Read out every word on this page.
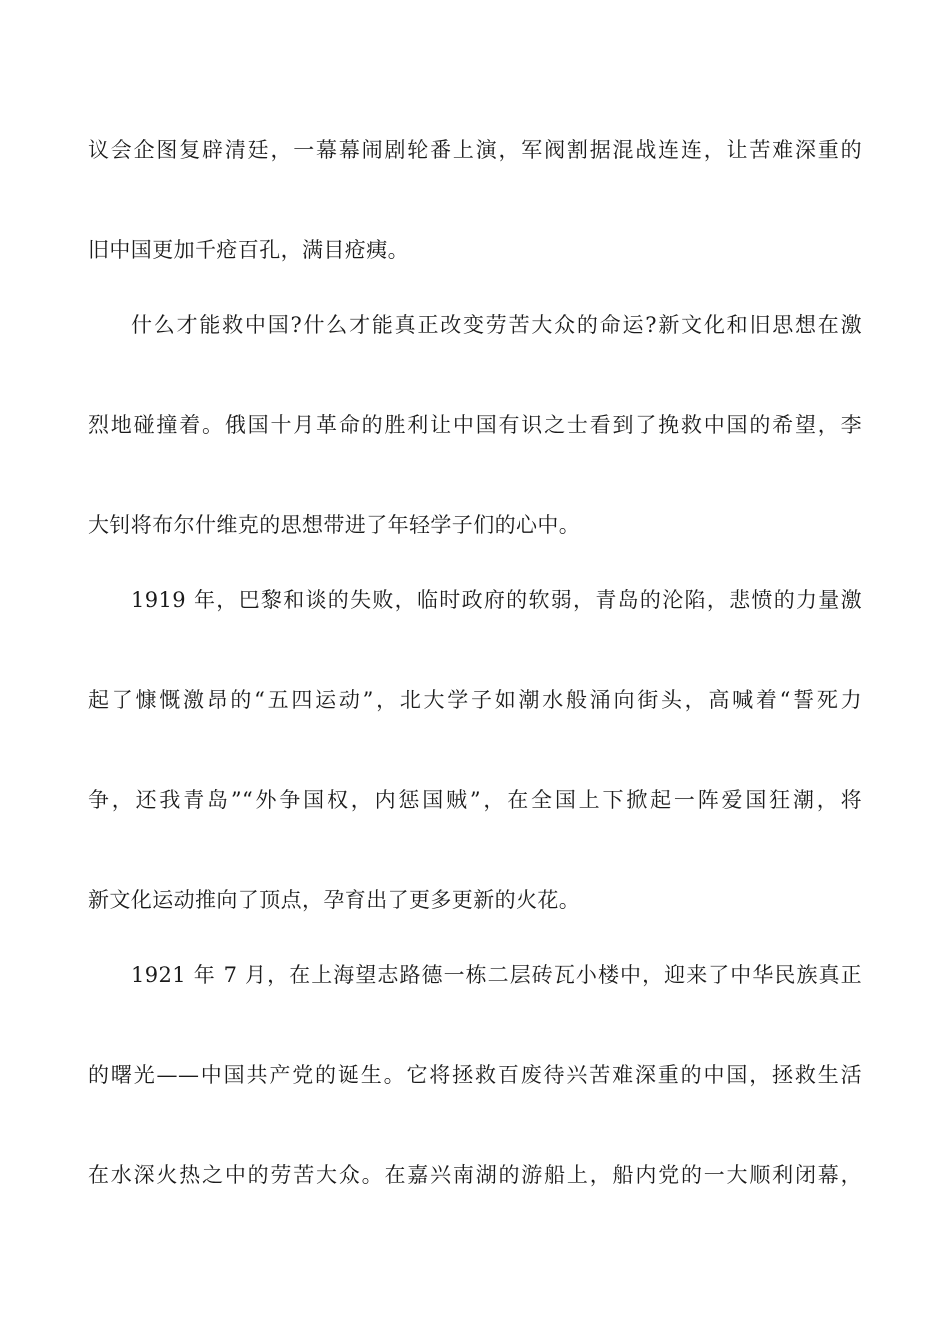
议会企图复辟清廷，一幕幕闹剧轮番上演，军阀割据混战连连，让苦难深重的
旧中国更加千疮百孔，满目疮痍。
什么才能救中国?什么才能真正改变劳苦大众的命运?新文化和旧思想在激
烈地碰撞着。俄国十月革命的胜利让中国有识之士看到了挽救中国的希望，李
大钊将布尔什维克的思想带进了年轻学子们的心中。
1919 年，巴黎和谈的失败，临时政府的软弱，青岛的沦陷，悲愤的力量激
起了慷慨激昂的“五四运动”，北大学子如潮水般涌向街头，高喊着“誓死力
争，还我青岛”“外争国权，内惩国贼”，在全国上下掀起一阵爱国狂潮，将
新文化运动推向了顶点，孕育出了更多更新的火花。
1921 年 7 月，在上海望志路德一栋二层砖瓦小楼中，迎来了中华民族真正
的曙光——中国共产党的诞生。它将拯救百废待兴苦难深重的中国，拯救生活
在水深火热之中的劳苦大众。在嘉兴南湖的游船上，船内党的一大顺利闭幕，
